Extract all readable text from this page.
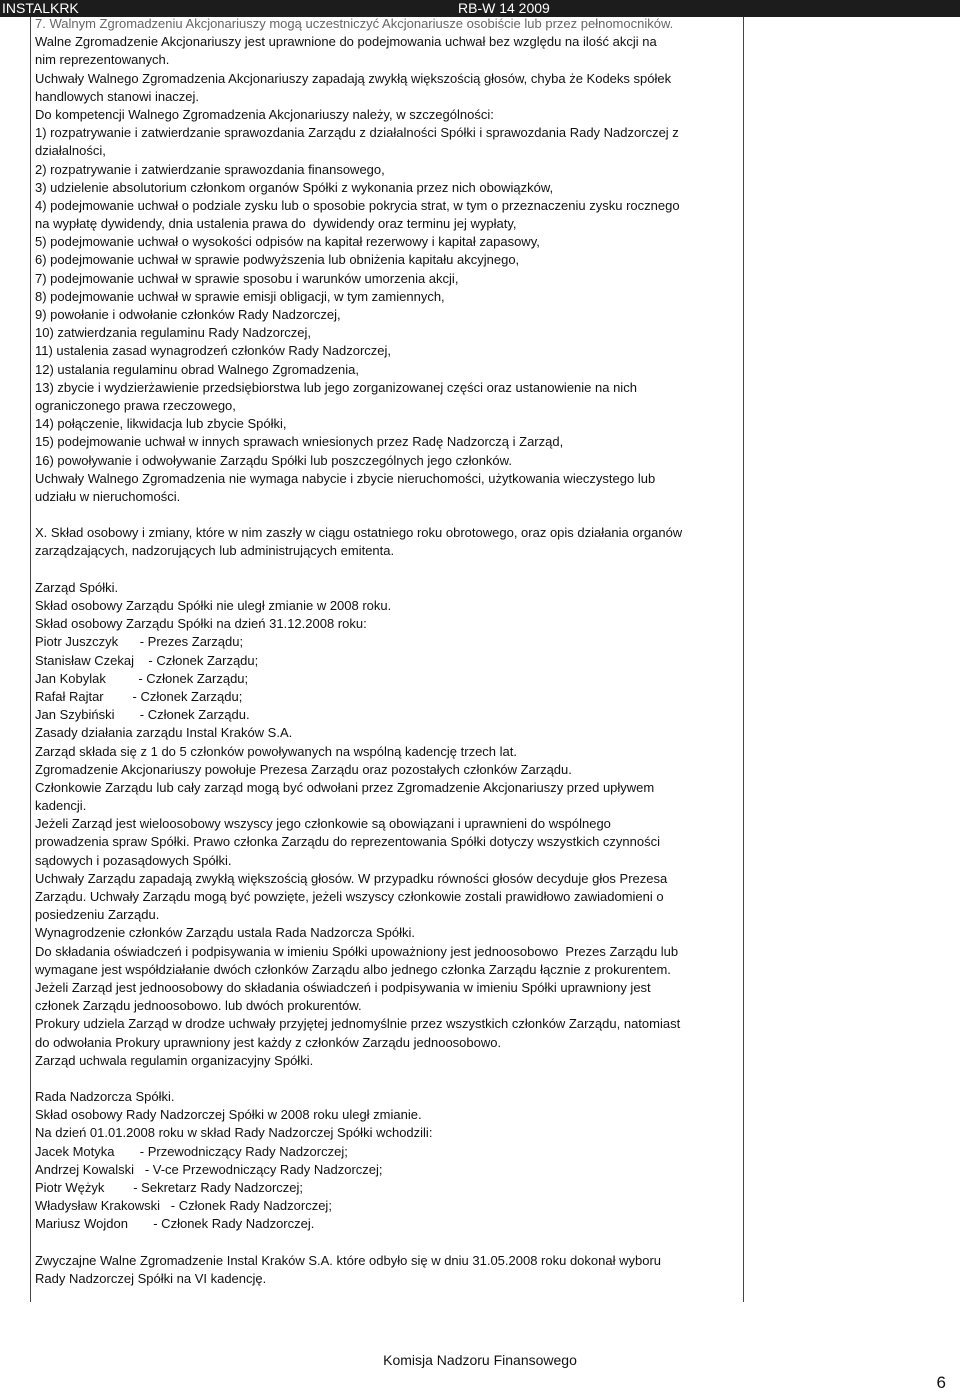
INSTALKRK	RB-W 14 2009
7. Walnym Zgromadzeniu Akcjonariuszy mogą uczestniczyć Akcjonariusze osobiście lub przez pełnomocników.
Walne Zgromadzenie Akcjonariuszy jest uprawnione do podejmowania uchwał bez względu na ilość akcji na
nim reprezentowanych.
Uchwały Walnego Zgromadzenia Akcjonariuszy zapadają zwykłą większością głosów, chyba że Kodeks spółek
handlowych stanowi inaczej.
Do kompetencji Walnego Zgromadzenia Akcjonariuszy należy, w szczególności:
1) rozpatrywanie i zatwierdzanie sprawozdania Zarządu z działalności Spółki i sprawozdania Rady Nadzorczej z
działalności,
2) rozpatrywanie i zatwierdzanie sprawozdania finansowego,
3) udzielenie absolutorium członkom organów Spółki z wykonania przez nich obowiązków,
4) podejmowanie uchwał o podziale zysku lub o sposobie pokrycia strat, w tym o przeznaczeniu zysku rocznego
na wypłatę dywidendy, dnia ustalenia prawa do  dywidendy oraz terminu jej wypłaty,
5) podejmowanie uchwał o wysokości odpisów na kapitał rezerwowy i kapitał zapasowy,
6) podejmowanie uchwał w sprawie podwyższenia lub obniżenia kapitału akcyjnego,
7) podejmowanie uchwał w sprawie sposobu i warunków umorzenia akcji,
8) podejmowanie uchwał w sprawie emisji obligacji, w tym zamiennych,
9) powołanie i odwołanie członków Rady Nadzorczej,
10) zatwierdzania regulaminu Rady Nadzorczej,
11) ustalenia zasad wynagrodzeń członków Rady Nadzorczej,
12) ustalania regulaminu obrad Walnego Zgromadzenia,
13) zbycie i wydzierżawienie przedsiębiorstwa lub jego zorganizowanej części oraz ustanowienie na nich
ograniczonego prawa rzeczowego,
14) połączenie, likwidacja lub zbycie Spółki,
15) podejmowanie uchwał w innych sprawach wniesionych przez Radę Nadzorczą i Zarząd,
16) powoływanie i odwoływanie Zarządu Spółki lub poszczególnych jego członków.
Uchwały Walnego Zgromadzenia nie wymaga nabycie i zbycie nieruchomości, użytkowania wieczystego lub
udziału w nieruchomości.
X. Skład osobowy i zmiany, które w nim zaszły w ciągu ostatniego roku obrotowego, oraz opis działania organów
zarządzających, nadzorujących lub administrujących emitenta.
Zarząd Spółki.
Skład osobowy Zarządu Spółki nie uległ zmianie w 2008 roku.
Skład osobowy Zarządu Spółki na dzień 31.12.2008 roku:
Piotr Juszczyk      - Prezes Zarządu;
Stanisław Czekaj    - Członek Zarządu;
Jan Kobylak         - Członek Zarządu;
Rafał Rajtar        - Członek Zarządu;
Jan Szybiński       - Członek Zarządu.
Zasady działania zarządu Instal Kraków S.A.
Zarząd składa się z 1 do 5 członków powoływanych na wspólną kadencję trzech lat.
Zgromadzenie Akcjonariuszy powołuje Prezesa Zarządu oraz pozostałych członków Zarządu.
Członkowie Zarządu lub cały zarząd mogą być odwołani przez Zgromadzenie Akcjonariuszy przed upływem
kadencji.
Jeżeli Zarząd jest wieloosobowy wszyscy jego członkowie są obowiązani i uprawnieni do wspólnego
prowadzenia spraw Spółki. Prawo członka Zarządu do reprezentowania Spółki dotyczy wszystkich czynności
sądowych i pozasądowych Spółki.
Uchwały Zarządu zapadają zwykłą większością głosów. W przypadku równości głosów decyduje głos Prezesa
Zarządu. Uchwały Zarządu mogą być powzięte, jeżeli wszyscy członkowie zostali prawidłowo zawiadomieni o
posiedzeniu Zarządu.
Wynagrodzenie członków Zarządu ustala Rada Nadzorcza Spółki.
Do składania oświadczeń i podpisywania w imieniu Spółki upoważniony jest jednoosobowo  Prezes Zarządu lub
wymagane jest współdziałanie dwóch członków Zarządu albo jednego członka Zarządu łącznie z prokurentem.
Jeżeli Zarząd jest jednoosobowy do składania oświadczeń i podpisywania w imieniu Spółki uprawniony jest
członek Zarządu jednoosobowo. lub dwóch prokurentów.
Prokury udziela Zarząd w drodze uchwały przyjętej jednomyślnie przez wszystkich członków Zarządu, natomiast
do odwołania Prokury uprawniony jest każdy z członków Zarządu jednoosobowo.
Zarząd uchwala regulamin organizacyjny Spółki.
Rada Nadzorcza Spółki.
Skład osobowy Rady Nadzorczej Spółki w 2008 roku uległ zmianie.
Na dzień 01.01.2008 roku w skład Rady Nadzorczej Spółki wchodzili:
Jacek Motyka       - Przewodniczący Rady Nadzorczej;
Andrzej Kowalski   - V-ce Przewodniczący Rady Nadzorczej;
Piotr Wężyk        - Sekretarz Rady Nadzorczej;
Władysław Krakowski   - Członek Rady Nadzorczej;
Mariusz Wojdon       - Członek Rady Nadzorczej.
Zwyczajne Walne Zgromadzenie Instal Kraków S.A. które odbyło się w dniu 31.05.2008 roku dokonał wyboru
Rady Nadzorczej Spółki na VI kadencję.
Komisja Nadzoru Finansowego
6
